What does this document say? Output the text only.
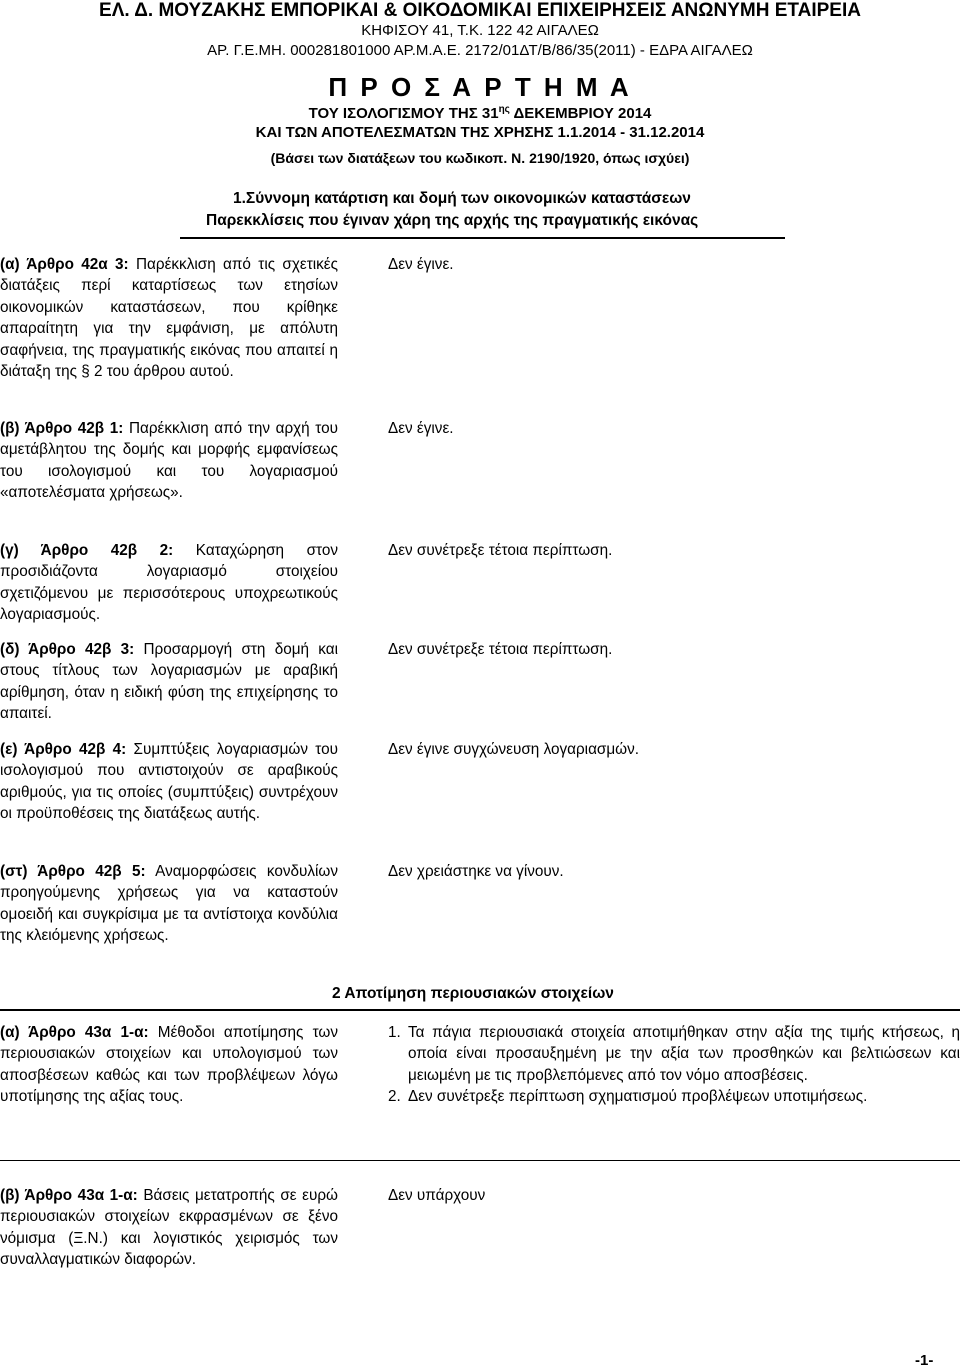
ΕΛ. Δ. ΜΟΥΖΑΚΗΣ ΕΜΠΟΡΙΚΑΙ & ΟΙΚΟΔΟΜΙΚΑΙ ΕΠΙΧΕΙΡΗΣΕΙΣ ΑΝΩΝΥΜΗ ΕΤΑΙΡΕΙΑ
ΚΗΦΙΣΟΥ 41, Τ.Κ. 122 42 ΑΙΓΑΛΕΩ
ΑΡ. Γ.Ε.ΜΗ. 000281801000 ΑΡ.Μ.Α.Ε. 2172/01ΔΤ/Β/86/35(2011) - ΕΔΡΑ ΑΙΓΑΛΕΩ
Π Ρ Ο Σ Α Ρ Τ Η Μ Α
ΤΟΥ ΙΣΟΛΟΓΙΣΜΟΥ ΤΗΣ $31^{\eta\varsigma}$ ΔΕΚΕΜΒΡΙΟΥ 2014
ΚΑΙ ΤΩΝ ΑΠΟΤΕΛΕΣΜΑΤΩΝ ΤΗΣ ΧΡΗΣΗΣ 1.1.2014 - 31.12.2014
(Βάσει των διατάξεων του κωδικοπ. Ν. 2190/1920, όπως ισχύει)
1.Σύννομη κατάρτιση και δομή των οικονομικών καταστάσεων
Παρεκκλίσεις που έγιναν χάρη της αρχής της πραγματικής εικόνας
(α) Άρθρο 42α 3: Παρέκκλιση από τις σχετικές διατάξεις περί καταρτίσεως των ετησίων οικονομικών καταστάσεων, που κρίθηκε απαραίτητη για την εμφάνιση, με απόλυτη σαφήνεια, της πραγματικής εικόνας που απαιτεί η διάταξη της § 2 του άρθρου αυτού.
Δεν έγινε.
(β) Άρθρο 42β 1: Παρέκκλιση από την αρχή του αμετάβλητου της δομής και μορφής εμφανίσεως του ισολογισμού και του λογαριασμού «αποτελέσματα χρήσεως».
Δεν έγινε.
(γ) Άρθρο 42β 2: Καταχώρηση στον προσιδιάζοντα λογαριασμό στοιχείου σχετιζόμενου με περισσότερους υποχρεωτικούς λογαριασμούς.
Δεν συνέτρεξε τέτοια περίπτωση.
(δ) Άρθρο 42β 3: Προσαρμογή στη δομή και στους τίτλους των λογαριασμών με αραβική αρίθμηση, όταν η ειδική φύση της επιχείρησης το απαιτεί.
Δεν συνέτρεξε τέτοια περίπτωση.
(ε) Άρθρο 42β 4: Συμπτύξεις λογαριασμών του ισολογισμού που αντιστοιχούν σε αραβικούς αριθμούς, για τις οποίες (συμπτύξεις) συντρέχουν οι προϋποθέσεις της διατάξεως αυτής.
Δεν έγινε συγχώνευση λογαριασμών.
(στ) Άρθρο 42β 5: Αναμορφώσεις κονδυλίων προηγούμενης χρήσεως για να καταστούν ομοειδή και συγκρίσιμα με τα αντίστοιχα κονδύλια της κλειόμενης χρήσεως.
Δεν χρειάστηκε να γίνουν.
2 Αποτίμηση περιουσιακών στοιχείων
(α) Άρθρο 43α 1-α: Μέθοδοι αποτίμησης των περιουσιακών στοιχείων και υπολογισμού των αποσβέσεων καθώς και των προβλέψεων λόγω υποτίμησης της αξίας τους.
1. Τα πάγια περιουσιακά στοιχεία αποτιμήθηκαν στην αξία της τιμής κτήσεως, η οποία είναι προσαυξημένη με την αξία των προσθηκών και βελτιώσεων και μειωμένη με τις προβλεπόμενες από τον νόμο αποσβέσεις.
2. Δεν συνέτρεξε περίπτωση σχηματισμού προβλέψεων υποτιμήσεως.
(β) Άρθρο 43α 1-α: Βάσεις μετατροπής σε ευρώ περιουσιακών στοιχείων εκφρασμένων σε ξένο νόμισμα (Ξ.Ν.) και λογιστικός χειρισμός των συναλλαγματικών διαφορών.
Δεν υπάρχουν
-1-
